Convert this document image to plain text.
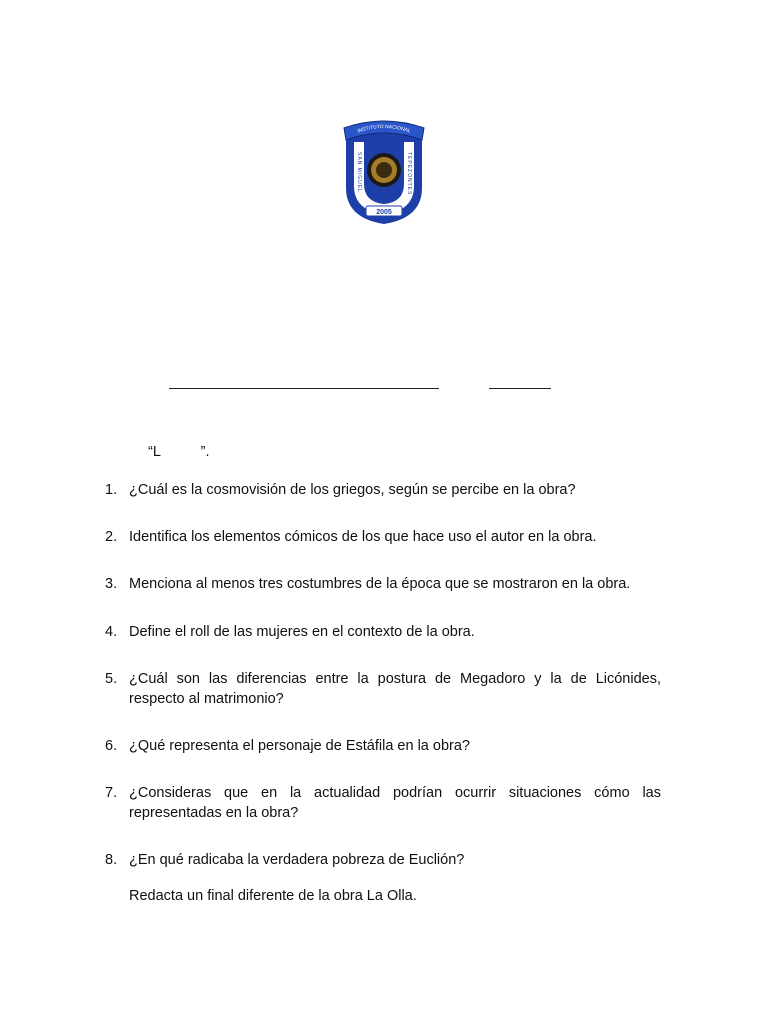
2005
INSTITUTO NACIONAL
SAN MIGUEL	TEPEZONTES
“L          ”.
1. ¿Cuál es la cosmovisión de los griegos, según se percibe en la obra?
2. Identifica los elementos cómicos de los que hace uso el autor en la obra.
3. Menciona al menos tres costumbres de la época que se mostraron en la obra.
4. Define el roll de las mujeres en el contexto de la obra.
5. ¿Cuál son las diferencias entre la postura de Megadoro y la de Licónides, respecto al matrimonio?
6. ¿Qué representa el personaje de Estáfila en la obra?
7. ¿Consideras que en la actualidad podrían ocurrir situaciones cómo las representadas en la obra?
8. ¿En qué radicaba la verdadera pobreza de Euclión?
Redacta un final diferente de la obra La Olla.
